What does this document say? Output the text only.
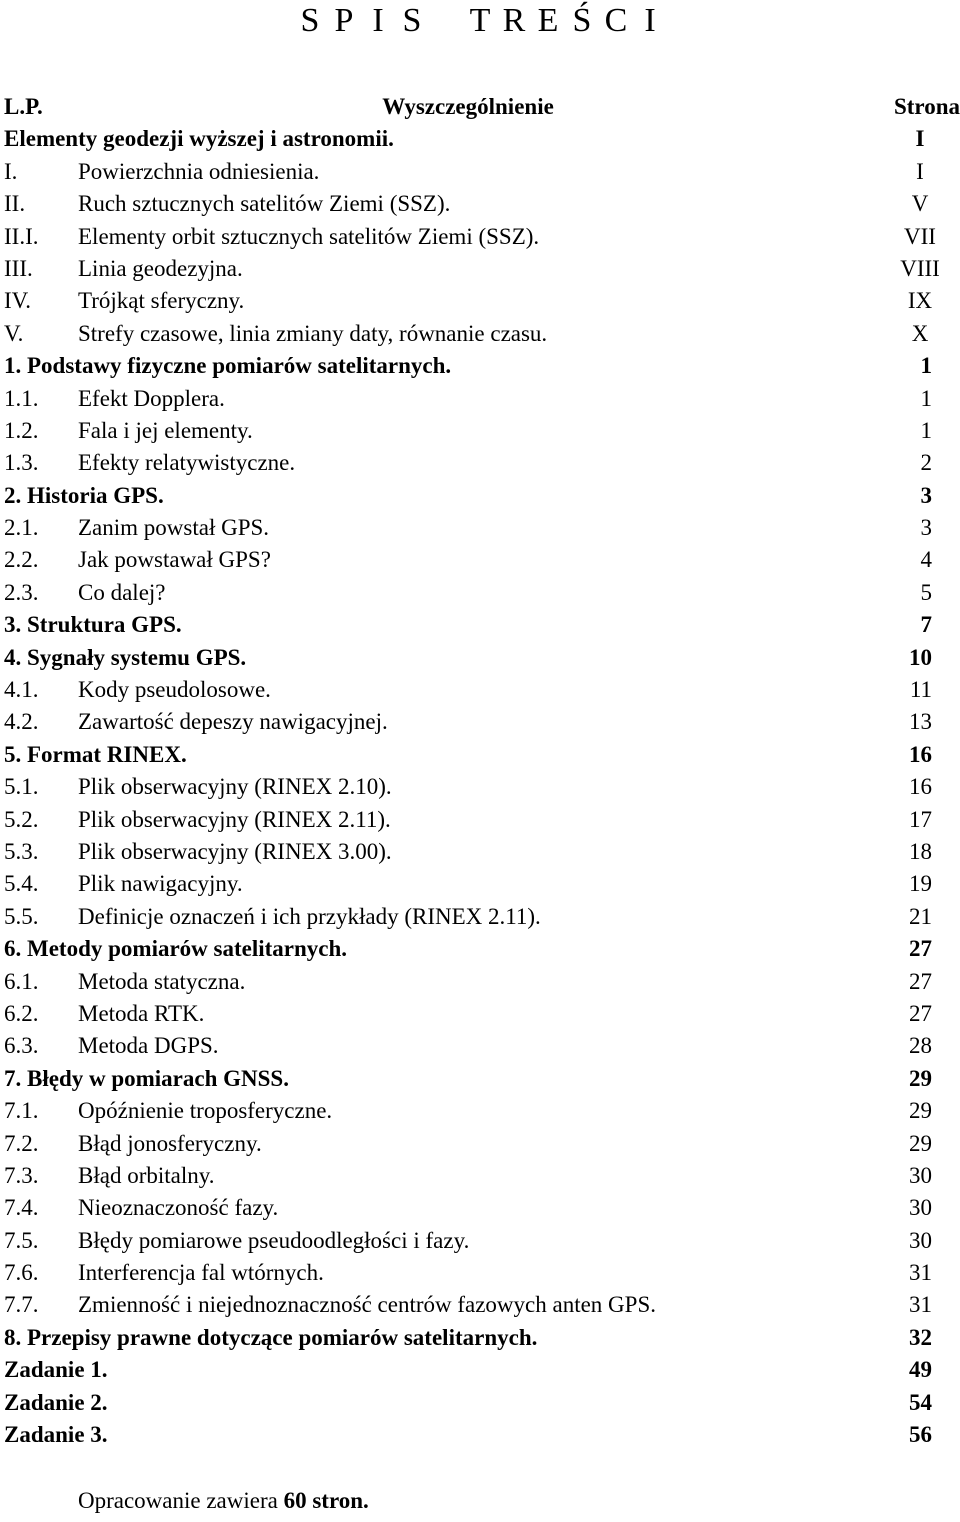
S P I S T R E Ś C I
L.P.	Wyszczególnienie	Strona
Elementy geodezji wyższej i astronomii.	I
I.	Powierzchnia odniesienia.	I
II. Ruch sztucznych satelitów Ziemi (SSZ).	V
II.I. Elementy orbit sztucznych satelitów Ziemi (SSZ).	VII
III. Linia geodezyjna.	VIII
IV. Trójkąt sferyczny.	IX
V. Strefy czasowe, linia zmiany daty, równanie czasu.	X
1. Podstawy fizyczne pomiarów satelitarnych.	1
1.1. Efekt Dopplera.	1
1.2. Fala i jej elementy.	1
1.3. Efekty relatywistyczne.	2
2. Historia GPS.	3
2.1. Zanim powstał GPS.	3
2.2. Jak powstawał GPS?	4
2.3. Co dalej?	5
3. Struktura GPS.	7
4. Sygnały systemu GPS.	10
4.1. Kody pseudolosowe.	11
4.2. Zawartość depeszy nawigacyjnej.	13
5. Format RINEX.	16
5.1. Plik obserwacyjny (RINEX 2.10).	16
5.2. Plik obserwacyjny (RINEX 2.11).	17
5.3. Plik obserwacyjny (RINEX 3.00).	18
5.4. Plik nawigacyjny.	19
5.5. Definicje oznaczeń i ich przykłady (RINEX 2.11).	21
6. Metody pomiarów satelitarnych.	27
6.1. Metoda statyczna.	27
6.2. Metoda RTK.	27
6.3. Metoda DGPS.	28
7. Błędy w pomiarach GNSS.	29
7.1. Opóźnienie troposferyczne.	29
7.2. Błąd jonosferyczny.	29
7.3. Błąd orbitalny.	30
7.4. Nieoznaczoność fazy.	30
7.5. Błędy pomiarowe pseudoodległości i fazy.	30
7.6. Interferencja fal wtórnych.	31
7.7. Zmienność i niejednoznaczność centrów fazowych anten GPS.	31
8. Przepisy prawne dotyczące pomiarów satelitarnych.	32
Zadanie 1.	49
Zadanie 2.	54
Zadanie 3.	56
Opracowanie zawiera 60 stron.
